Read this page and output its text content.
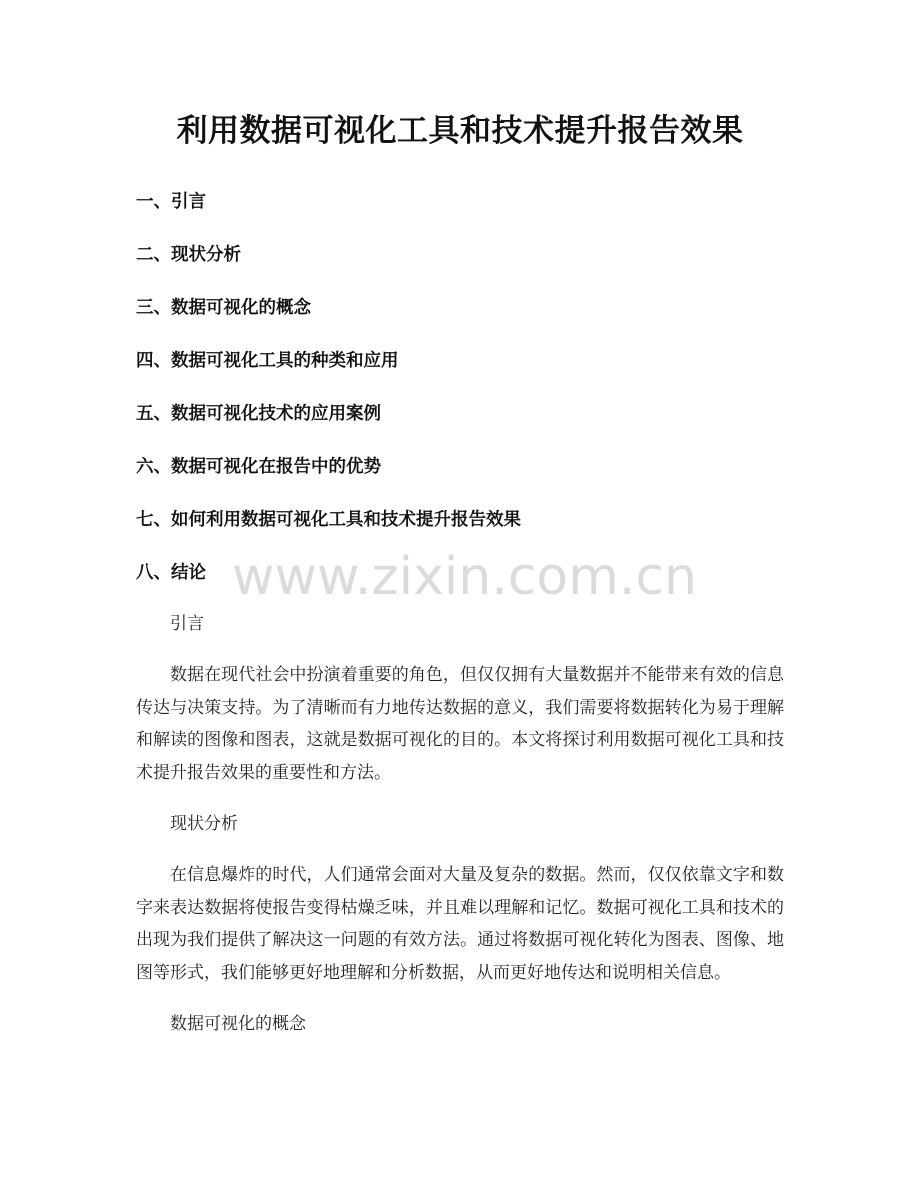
利用数据可视化工具和技术提升报告效果
一、引言
二、现状分析
三、数据可视化的概念
四、数据可视化工具的种类和应用
五、数据可视化技术的应用案例
六、数据可视化在报告中的优势
七、如何利用数据可视化工具和技术提升报告效果
八、结论

引言

数据在现代社会中扮演着重要的角色，但仅仅拥有大量数据并不能带来有效的信息传达与决策支持。为了清晰而有力地传达数据的意义，我们需要将数据转化为易于理解和解读的图像和图表，这就是数据可视化的目的。本文将探讨利用数据可视化工具和技术提升报告效果的重要性和方法。

现状分析

在信息爆炸的时代，人们通常会面对大量及复杂的数据。然而，仅仅依靠文字和数字来表达数据将使报告变得枯燥乏味，并且难以理解和记忆。数据可视化工具和技术的出现为我们提供了解决这一问题的有效方法。通过将数据可视化转化为图表、图像、地图等形式，我们能够更好地理解和分析数据，从而更好地传达和说明相关信息。

数据可视化的概念

www.zixin.com.cn
